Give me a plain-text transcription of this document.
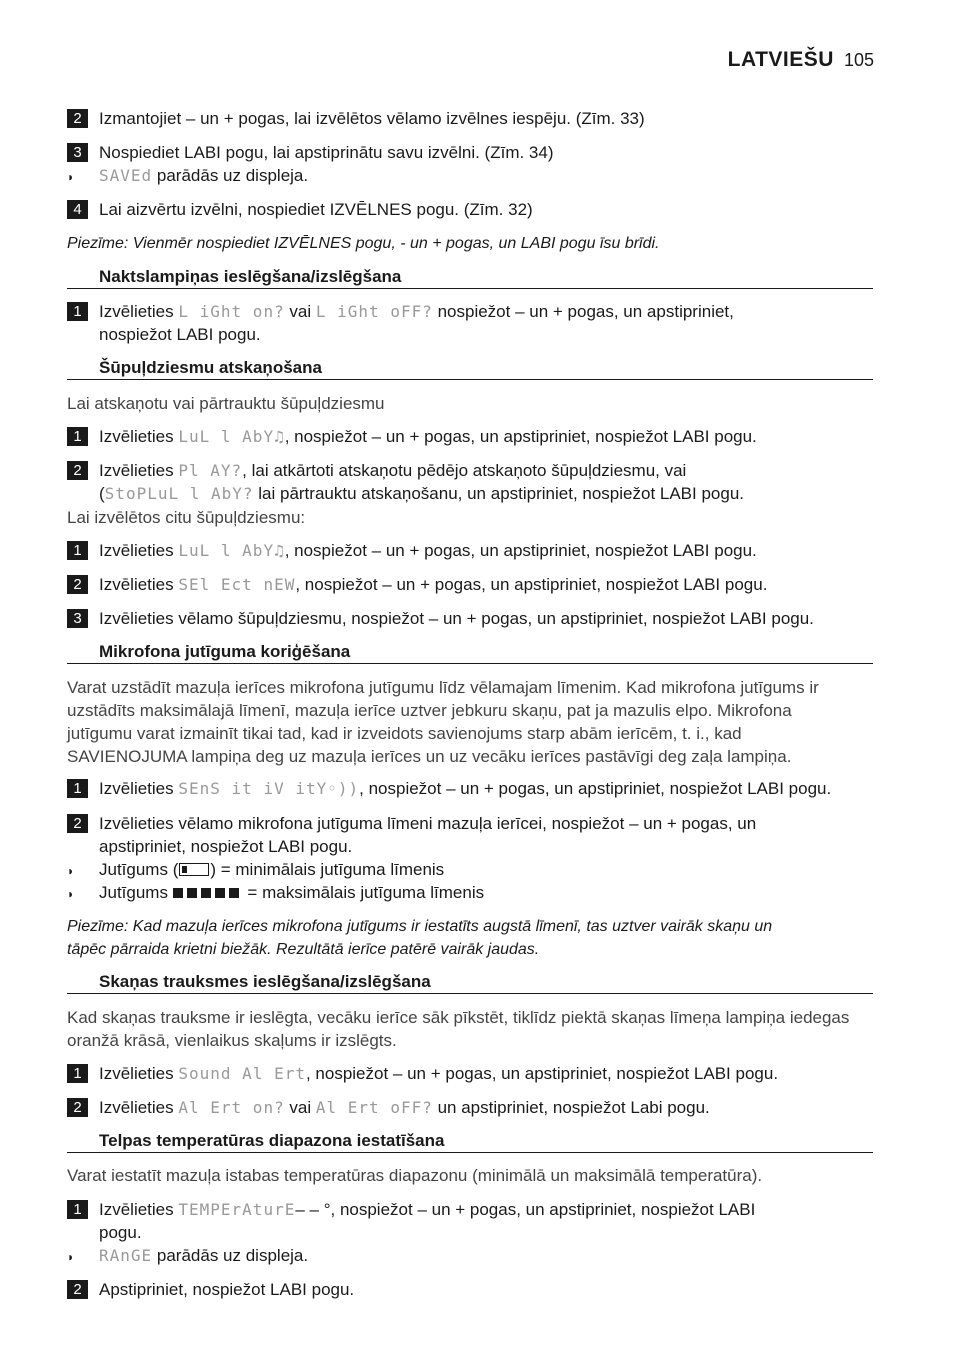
LATVIEŠU 105
2	Izmantojiet – un + pogas, lai izvēlētos vēlamo izvēlnes iespēju. (Zīm. 33)
3	Nospiediet LABI pogu, lai apstiprinātu savu izvēlni. (Zīm. 34)
◗	SAVEd parādās uz displeja.
4	Lai aizvērtu izvēlni, nospiediet IZVĒLNES pogu. (Zīm. 32)
Piezīme: Vienmēr nospiediet IZVĒLNES pogu, - un + pogas, un LABI pogu īsu brīdi.
Naktslampiņas ieslēgšana/izslēgšana
1	Izvēlieties L iGht on? vai L iGht oFF? nospiežot – un + pogas, un apstipriniet,
nospiežot LABI pogu.
Šūpuļdziesmu atskaņošana
Lai atskaņotu vai pārtrauktu šūpuļdziesmu
1	Izvēlieties LuL l AbY♫, nospiežot – un + pogas, un apstipriniet, nospiežot LABI pogu.
2	Izvēlieties Pl AY?, lai atkārtoti atskaņotu pēdējo atskaņoto šūpuļdziesmu, vai
(StoPLuL l AbY? lai pārtrauktu atskaņošanu, un apstipriniet, nospiežot LABI pogu.
Lai izvēlētos citu šūpuļdziesmu:
1	Izvēlieties LuL l AbY♫, nospiežot – un + pogas, un apstipriniet, nospiežot LABI pogu.
2	Izvēlieties SEl Ect nEW, nospiežot – un + pogas, un apstipriniet, nospiežot LABI pogu.
3	Izvēlieties vēlamo šūpuļdziesmu, nospiežot – un + pogas, un apstipriniet, nospiežot LABI pogu.
Mikrofona jutīguma koriģēšana
Varat uzstādīt mazuļa ierīces mikrofona jutīgumu līdz vēlamajam līmenim. Kad mikrofona jutīgums ir
uzstādīts maksimālajā līmenī, mazuļa ierīce uztver jebkuru skaņu, pat ja mazulis elpo. Mikrofona
jutīgumu varat izmainīt tikai tad, kad ir izveidots savienojums starp abām ierīcēm, t. i., kad
SAVIENOJUMA lampiņa deg uz mazuļa ierīces un uz vecāku ierīces pastāvīgi deg zaļa lampiņa.
1	Izvēlieties SEnS it iV itY◦)), nospiežot – un + pogas, un apstipriniet, nospiežot LABI pogu.
2	Izvēlieties vēlamo mikrofona jutīguma līmeni mazuļa ierīcei, nospiežot – un + pogas, un
apstipriniet, nospiežot LABI pogu.
◗	Jutīgums ( ) = minimālais jutīguma līmenis
◗	Jutīgums	= maksimālais jutīguma līmenis
Piezīme: Kad mazuļa ierīces mikrofona jutīgums ir iestatīts augstā līmenī, tas uztver vairāk skaņu un
tāpēc pārraida krietni biežāk. Rezultātā ierīce patērē vairāk jaudas.
Skaņas trauksmes ieslēgšana/izslēgšana
Kad skaņas trauksme ir ieslēgta, vecāku ierīce sāk pīkstēt, tiklīdz piektā skaņas līmeņa lampiņa iedegas
oranžā krāsā, vienlaikus skaļums ir izslēgts.
1	Izvēlieties Sound Al Ert, nospiežot – un + pogas, un apstipriniet, nospiežot LABI pogu.
2	Izvēlieties Al Ert on? vai Al Ert oFF? un apstipriniet, nospiežot Labi pogu.
Telpas temperatūras diapazona iestatīšana
Varat iestatīt mazuļa istabas temperatūras diapazonu (minimālā un maksimālā temperatūra).
1	Izvēlieties TEMPErAturE– – °, nospiežot – un + pogas, un apstipriniet, nospiežot LABI
pogu.
◗	RAnGE parādās uz displeja.
2	Apstipriniet, nospiežot LABI pogu.
